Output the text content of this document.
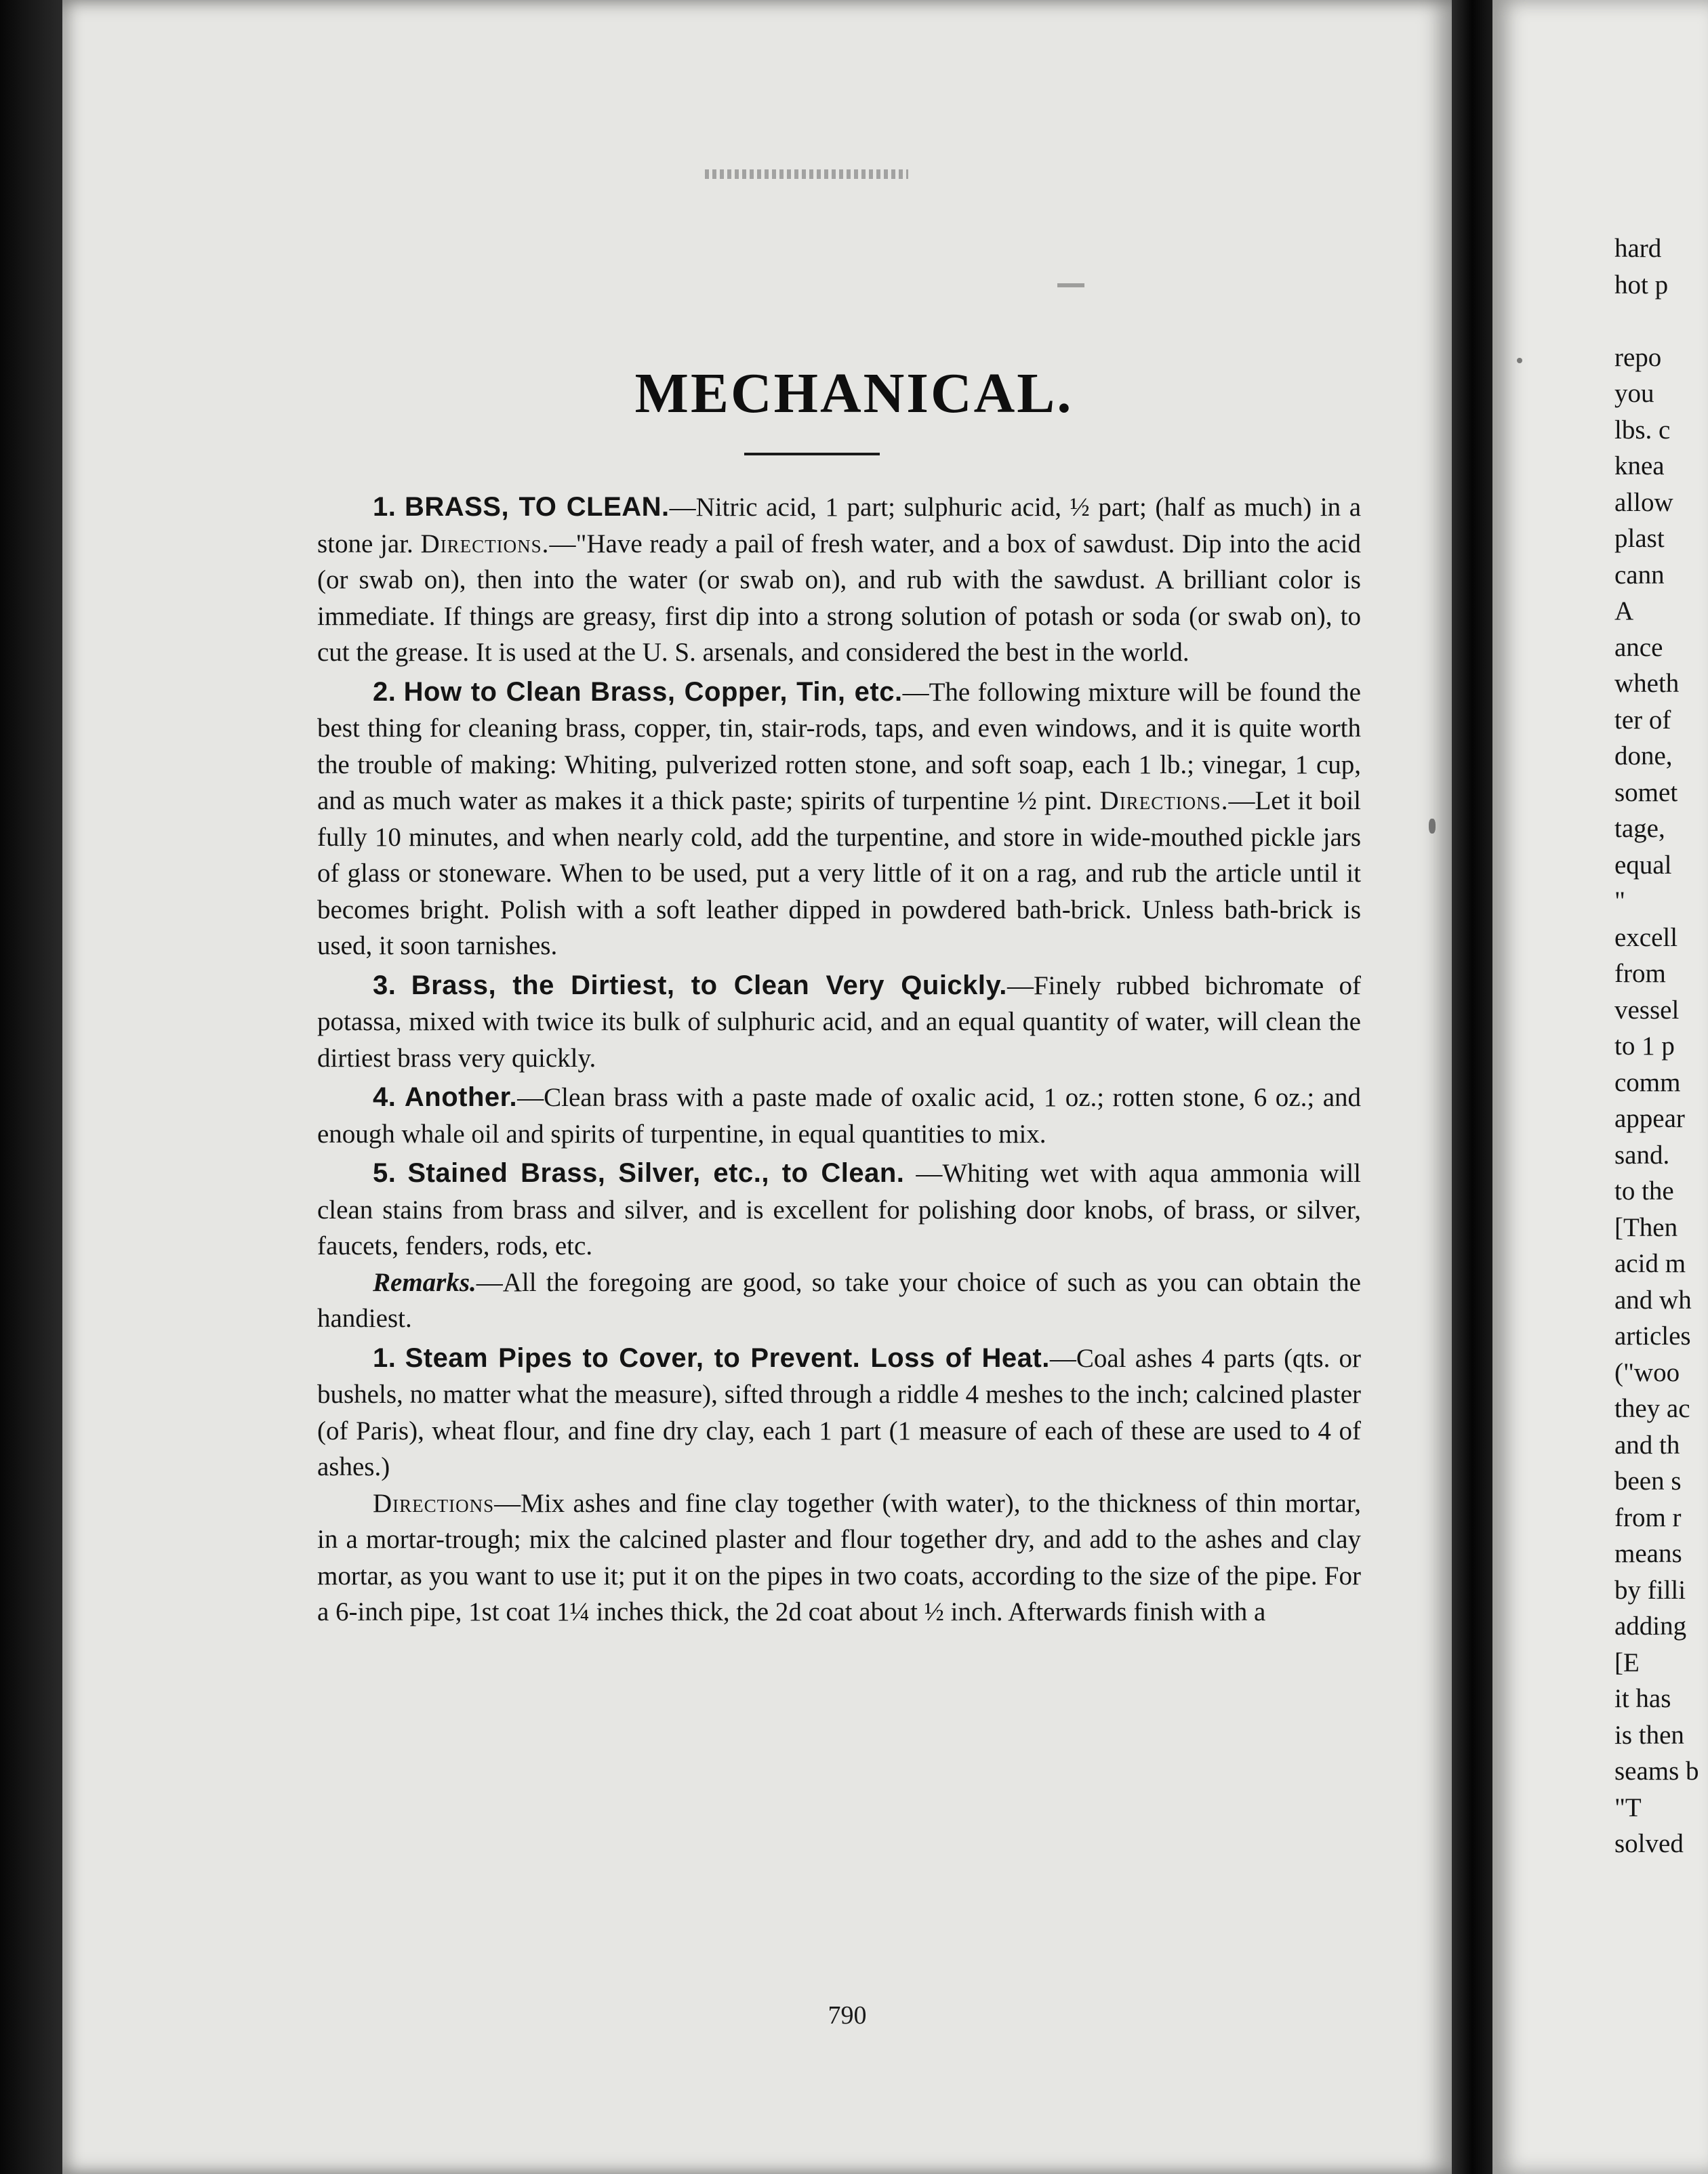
MECHANICAL.

1. BRASS, TO CLEAN.—Nitric acid, 1 part; sulphuric acid, ½ part; (half as much) in a stone jar. Directions.—"Have ready a pail of fresh water, and a box of sawdust. Dip into the acid (or swab on), then into the water (or swab on), and rub with the sawdust. A brilliant color is immediate. If things are greasy, first dip into a strong solution of potash or soda (or swab on), to cut the grease. It is used at the U. S. arsenals, and considered the best in the world.

2. How to Clean Brass, Copper, Tin, etc.—The following mixture will be found the best thing for cleaning brass, copper, tin, stair-rods, taps, and even windows, and it is quite worth the trouble of making: Whiting, pulverized rotten stone, and soft soap, each 1 lb.; vinegar, 1 cup, and as much water as makes it a thick paste; spirits of turpentine ½ pint. Directions.—Let it boil fully 10 minutes, and when nearly cold, add the turpentine, and store in wide-mouthed pickle jars of glass or stoneware. When to be used, put a very little of it on a rag, and rub the article until it becomes bright. Polish with a soft leather dipped in powdered bath-brick. Unless bath-brick is used, it soon tarnishes.

3. Brass, the Dirtiest, to Clean Very Quickly.—Finely rubbed bichromate of potassa, mixed with twice its bulk of sulphuric acid, and an equal quantity of water, will clean the dirtiest brass very quickly.

4. Another.—Clean brass with a paste made of oxalic acid, 1 oz.; rotten stone, 6 oz.; and enough whale oil and spirits of turpentine, in equal quantities to mix.

5. Stained Brass, Silver, etc., to Clean. —Whiting wet with aqua ammonia will clean stains from brass and silver, and is excellent for polishing door knobs, of brass, or silver, faucets, fenders, rods, etc.

Remarks.—All the foregoing are good, so take your choice of such as you can obtain the handiest.

1. Steam Pipes to Cover, to Prevent. Loss of Heat.—Coal ashes 4 parts (qts. or bushels, no matter what the measure), sifted through a riddle 4 meshes to the inch; calcined plaster (of Paris), wheat flour, and fine dry clay, each 1 part (1 measure of each of these are used to 4 of ashes.)

Directions—Mix ashes and fine clay together (with water), to the thickness of thin mortar, in a mortar-trough; mix the calcined plaster and flour together dry, and add to the ashes and clay mortar, as you want to use it; put it on the pipes in two coats, according to the size of the pipe. For a 6-inch pipe, 1st coat 1¼ inches thick, the 2d coat about ½ inch. Afterwards finish with a

790
hard
hot p
repo
you
lbs. c
knea
allow
plast
cann
A
ance
wheth
ter of
done,
somet
tage,
equal
"
excell
from
vessel
to 1 p
comm
appear
sand.
to the
[Then
acid m
and wh
articles
("woo
they ac
and th
been s
from r
means
by filli
adding
[E
it has
is then
seams b
"T
solved
